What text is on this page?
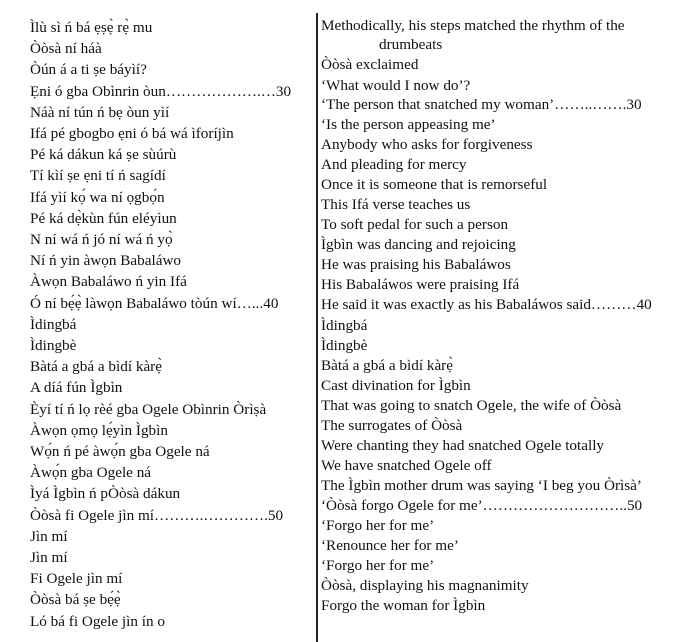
Ìlù sì ń bá ẹṣẹ̀ rẹ̀ mu
Òòsà ní háà
Òún á a ti ṣe báyìí?
Ẹni ó gba Obìnrin òun……………….…30
Náà ní tún ń bẹ òun yìí
Ifá pé gbogbo ẹni ó bá wá ìforíjìn
Pé ká dákun ká ṣe sùúrù
Tí kìí ṣe ẹni tí ń sagídí
Ifá yìí kọ́ wa ní ọgbọ́n
Pé ká dẹ̀kùn fún eléyìun
N ní wá ń jó ní wá ń yọ̀
Ní ń yin àwọn Babaláwo
Àwọn Babaláwo ń yin Ifá
Ó ní bẹ́ẹ̀ làwọn Babaláwo tòún wí…...40
Ìdingbá
Ìdingbè
Bàtá a gbá a bìdí kàrẹ̀
A díá fún Ìgbìn
Èyí tí ń lọ rèé gba Ogele Obìnrin Òrìṣà
Àwọn ọmọ lẹ́yìn Ìgbìn
Wọ́n ń pé àwọ́n gba Ogele ná
Àwọ́n gba Ogele ná
Ìyá Ìgbìn ń pÒòsà dákun
Òòsà fi Ogele jìn mí……….………….50
Jìn mí
Jìn mí
Fi Ogele jìn mí
Òòsà bá ṣe bẹ́ẹ̀
Ló bá fi Ogele jìn ín o
Methodically, his steps matched the rhythm of the
drumbeats
Òòsà exclaimed
‘What would I now do’?
‘The person that snatched my woman’……..…….30
‘Is the person appeasing me’
Anybody who asks for forgiveness
And pleading for mercy
Once it is someone that is remorseful
This Ifá verse teaches us
To soft pedal for such a person
Ìgbìn was dancing and rejoicing
He was praising his Babaláwos
His Babaláwos were praising Ifá
He said it was exactly as his Babaláwos said………40
Ìdingbá
Ìdingbè
Bàtá a gbá a bìdí kàrẹ̀
Cast divination for Ìgbìn
That was going to snatch Ogele, the wife of Òòsà
The surrogates of Òòsà
Were chanting they had snatched Ogele totally
We have snatched Ogele off
The Ìgbìn mother drum was saying ‘I beg you Òrìsà’
‘Òòsà forgo Ogele for me’………………………..50
‘Forgo her for me’
‘Renounce her for me’
‘Forgo her for me’
Òòsà, displaying his magnanimity
Forgo the woman for Ìgbìn
